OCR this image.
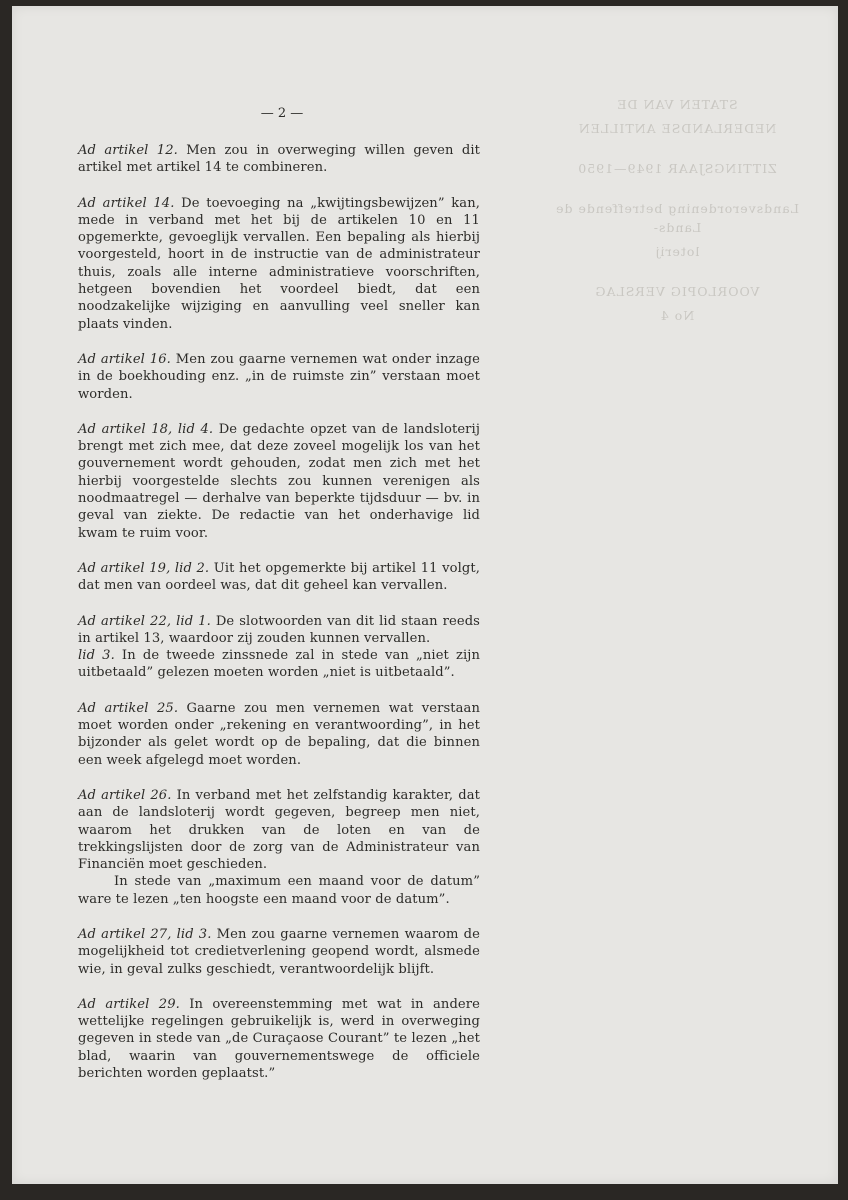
STATEN VAN DE
NEDERLANDSE ANTILLEN
ZITTINGSJAAR 1949—1950
Landsverordening betreffende de Lands-
loterij
VOORLOPIG VERSLAG
No 4
— 2 —

Ad artikel 12. Men zou in overweging willen geven dit artikel met artikel 14 te combineren.

Ad artikel 14. De toevoeging na „kwijtingsbewijzen” kan, mede in verband met het bij de artikelen 10 en 11 opgemerkte, gevoeglijk vervallen. Een bepaling als hierbij voorgesteld, hoort in de instructie van de administrateur thuis, zoals alle interne administratieve voorschriften, hetgeen bovendien het voordeel biedt, dat een noodzakelijke wijziging en aanvulling veel sneller kan plaats vinden.

Ad artikel 16. Men zou gaarne vernemen wat onder inzage in de boekhouding enz. „in de ruimste zin” verstaan moet worden.

Ad artikel 18, lid 4. De gedachte opzet van de landsloterij brengt met zich mee, dat deze zoveel mogelijk los van het gouvernement wordt gehouden, zodat men zich met het hierbij voorgestelde slechts zou kunnen verenigen als noodmaatregel — derhalve van beperkte tijdsduur — bv. in geval van ziekte. De redactie van het onderhavige lid kwam te ruim voor.

Ad artikel 19, lid 2. Uit het opgemerkte bij artikel 11 volgt, dat men van oordeel was, dat dit geheel kan vervallen.

Ad artikel 22, lid 1. De slotwoorden van dit lid staan reeds in artikel 13, waardoor zij zouden kunnen vervallen.

lid 3. In de tweede zinssnede zal in stede van „niet zijn uitbetaald” gelezen moeten worden „niet is uitbetaald”.

Ad artikel 25. Gaarne zou men vernemen wat verstaan moet worden onder „rekening en verantwoording”, in het bijzonder als gelet wordt op de bepaling, dat die binnen een week afgelegd moet worden.

Ad artikel 26. In verband met het zelfstandig karakter, dat aan de landsloterij wordt gegeven, begreep men niet, waarom het drukken van de loten en van de trekkingslijsten door de zorg van de Administrateur van Financiën moet geschieden.

In stede van „maximum een maand voor de datum” ware te lezen „ten hoogste een maand voor de datum”.

Ad artikel 27, lid 3. Men zou gaarne vernemen waarom de mogelijkheid tot credietverlening geopend wordt, alsmede wie, in geval zulks geschiedt, verantwoordelijk blijft.

Ad artikel 29. In overeenstemming met wat in andere wettelijke regelingen gebruikelijk is, werd in overweging gegeven in stede van „de Curaçaose Courant” te lezen „het blad, waarin van gouvernementswege de officiele berichten worden geplaatst.”
